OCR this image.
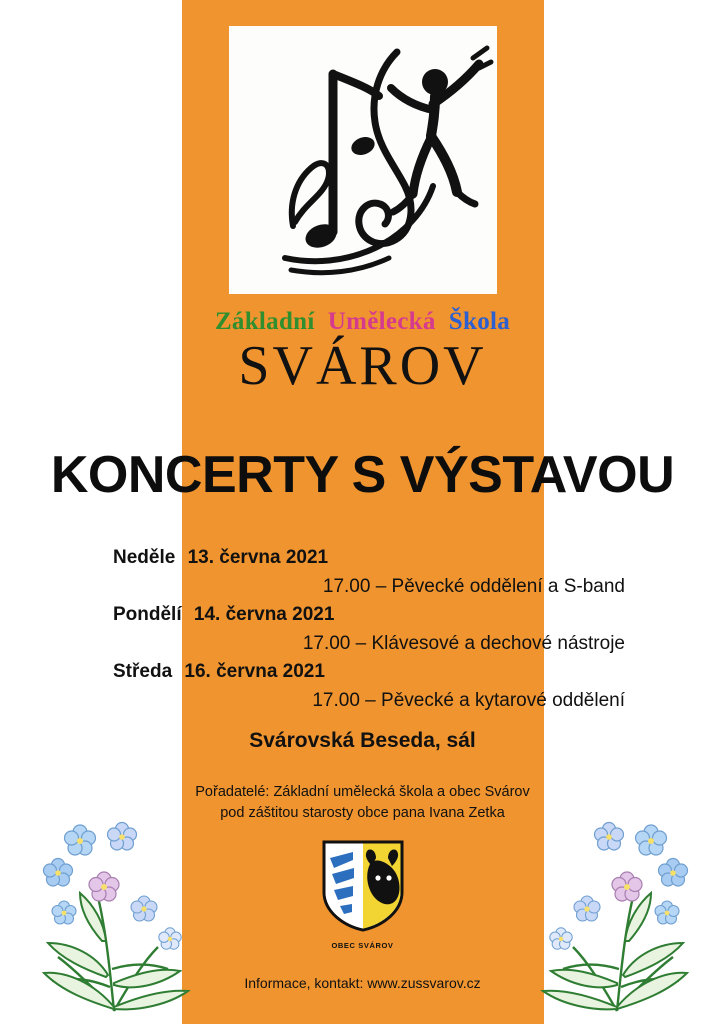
Základní Umělecká Škola
SVÁROV
KONCERTY S VÝSTAVOU
Neděle 13. června 2021
17.00 – Pěvecké oddělení a S-band
Pondělí 14. června 2021
17.00 – Klávesové a dechové nástroje
Středa 16. června 2021
17.00 – Pěvecké a kytarové oddělení
Svárovská Beseda, sál
Pořadatelé: Základní umělecká škola a obec Svárov
pod záštitou starosty obce pana Ivana Zetka
OBEC SVÁROV
Informace, kontakt: www.zussvarov.cz
